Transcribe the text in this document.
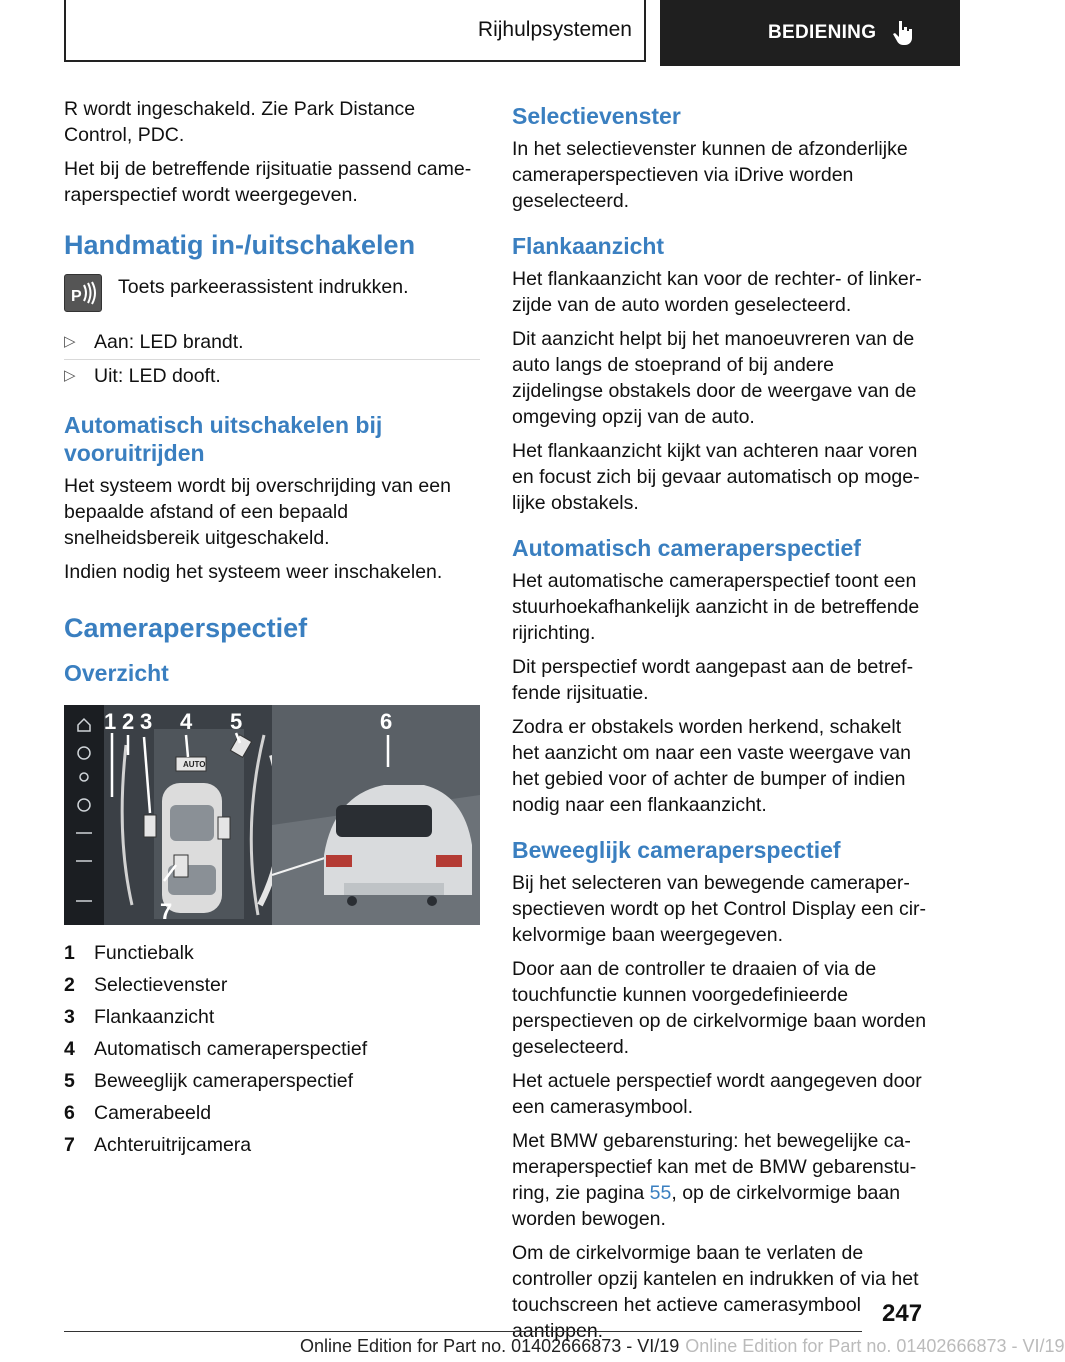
Rijhulpsystemen	BEDIENING

R wordt ingeschakeld. Zie Park Distance Control, PDC.

Het bij de betreffende rijsituatie passend cameraperspectief wordt weergegeven.

Handmatig in-/uitschakelen
P Toets parkeerassistent indrukken.

▷ Aan: LED brandt.
▷ Uit: LED dooft.
Automatisch uitschakelen bij vooruitrijden

Het systeem wordt bij overschrijding van een bepaalde afstand of een bepaald snelheidsbereik uitgeschakeld.

Indien nodig het systeem weer inschakelen.

Cameraperspectief
Overzicht
AUTO
1 2 3 4 5	6
7
1 Functiebalk
2 Selectievenster
3 Flankaanzicht
4 Automatisch cameraperspectief
5 Beweeglijk cameraperspectief
6 Camerabeeld
7 Achteruitrijcamera
Selectievenster

In het selectievenster kunnen de afzonderlijke cameraperspectieven via iDrive worden geselecteerd.

Flankaanzicht

Het flankaanzicht kan voor de rechter- of linkerzijde van de auto worden geselecteerd.

Dit aanzicht helpt bij het manoeuvreren van de auto langs de stoeprand of bij andere zijdelingse obstakels door de weergave van de omgeving opzij van de auto.

Het flankaanzicht kijkt van achteren naar voren en focust zich bij gevaar automatisch op mogelijke obstakels.

Automatisch cameraperspectief

Het automatische cameraperspectief toont een stuurhoekafhankelijk aanzicht in de betreffende rijrichting.

Dit perspectief wordt aangepast aan de betreffende rijsituatie.

Zodra er obstakels worden herkend, schakelt het aanzicht om naar een vaste weergave van het gebied voor of achter de bumper of indien nodig naar een flankaanzicht.

Beweeglijk cameraperspectief

Bij het selecteren van bewegende cameraperspectieven wordt op het Control Display een cirkelvormige baan weergegeven.

Door aan de controller te draaien of via de touchfunctie kunnen voorgedefinieerde perspectieven op de cirkelvormige baan worden geselecteerd.

Het actuele perspectief wordt aangegeven door een camerasymbool.

Met BMW gebarensturing: het bewegelijke cameraperspectief kan met de BMW gebarensturing, zie pagina 55, op de cirkelvormige baan worden bewogen.

Om de cirkelvormige baan te verlaten de controller opzij kantelen en indrukken of via het touchscreen het actieve camerasymbool aantippen.

247
Online Edition for Part no. 01402666873 - VI/19 Online Edition for Part no. 01402666873 - VI/19
